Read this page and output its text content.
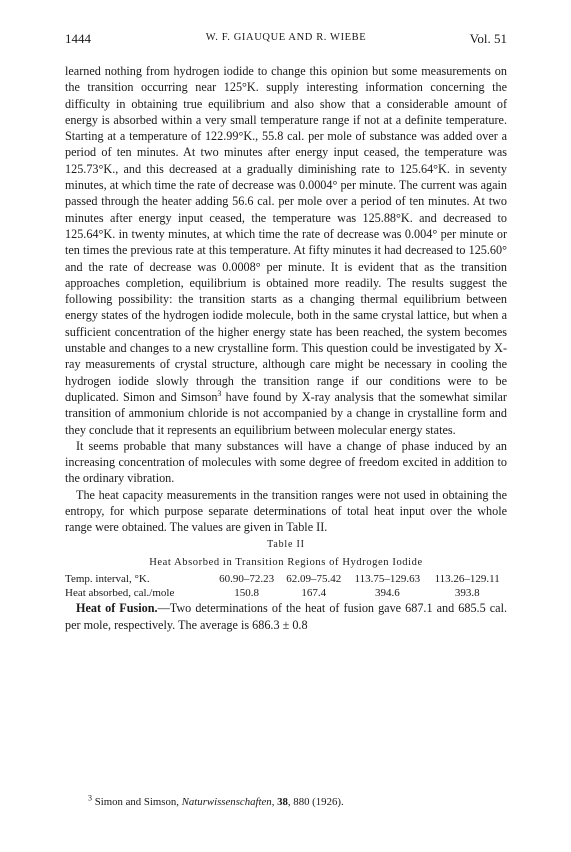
1444	W. F. GIAUQUE AND R. WIEBE	Vol. 51

learned nothing from hydrogen iodide to change this opinion but some measurements on the transition occurring near 125°K. supply interesting information concerning the difficulty in obtaining true equilibrium and also show that a considerable amount of energy is absorbed within a very small temperature range if not at a definite temperature. Starting at a temperature of 122.99°K., 55.8 cal. per mole of substance was added over a period of ten minutes. At two minutes after energy input ceased, the temperature was 125.73°K., and this decreased at a gradually diminishing rate to 125.64°K. in seventy minutes, at which time the rate of decrease was 0.0004° per minute. The current was again passed through the heater adding 56.6 cal. per mole over a period of ten minutes. At two minutes after energy input ceased, the temperature was 125.88°K. and decreased to 125.64°K. in twenty minutes, at which time the rate of decrease was 0.004° per minute or ten times the previous rate at this temperature. At fifty minutes it had decreased to 125.60° and the rate of decrease was 0.0008° per minute. It is evident that as the transition approaches completion, equilibrium is obtained more readily. The results suggest the following possibility: the transition starts as a changing thermal equilibrium between energy states of the hydrogen iodide molecule, both in the same crystal lattice, but when a sufficient concentration of the higher energy state has been reached, the system becomes unstable and changes to a new crystalline form. This question could be investigated by X-ray measurements of crystal structure, although care might be necessary in cooling the hydrogen iodide slowly through the transition range if our conditions were to be duplicated. Simon and Simson$^3$ have found by X-ray analysis that the somewhat similar transition of ammonium chloride is not accompanied by a change in crystalline form and they conclude that it represents an equilibrium between molecular energy states.

It seems probable that many substances will have a change of phase induced by an increasing concentration of molecules with some degree of freedom excited in addition to the ordinary vibration.

The heat capacity measurements in the transition ranges were not used in obtaining the entropy, for which purpose separate determinations of total heat input over the whole range were obtained. The values are given in Table II.

Table II
Heat Absorbed in Transition Regions of Hydrogen Iodide
Temp. interval, °K.	60.90–72.23	62.09–75.42	113.75–129.63	113.26–129.11
Heat absorbed, cal./mole	150.8	167.4	394.6	393.8

Heat of Fusion.—Two determinations of the heat of fusion gave 687.1 and 685.5 cal. per mole, respectively. The average is 686.3 ± 0.8

$^3$ Simon and Simson, Naturwissenschaften, 38, 880 (1926).
